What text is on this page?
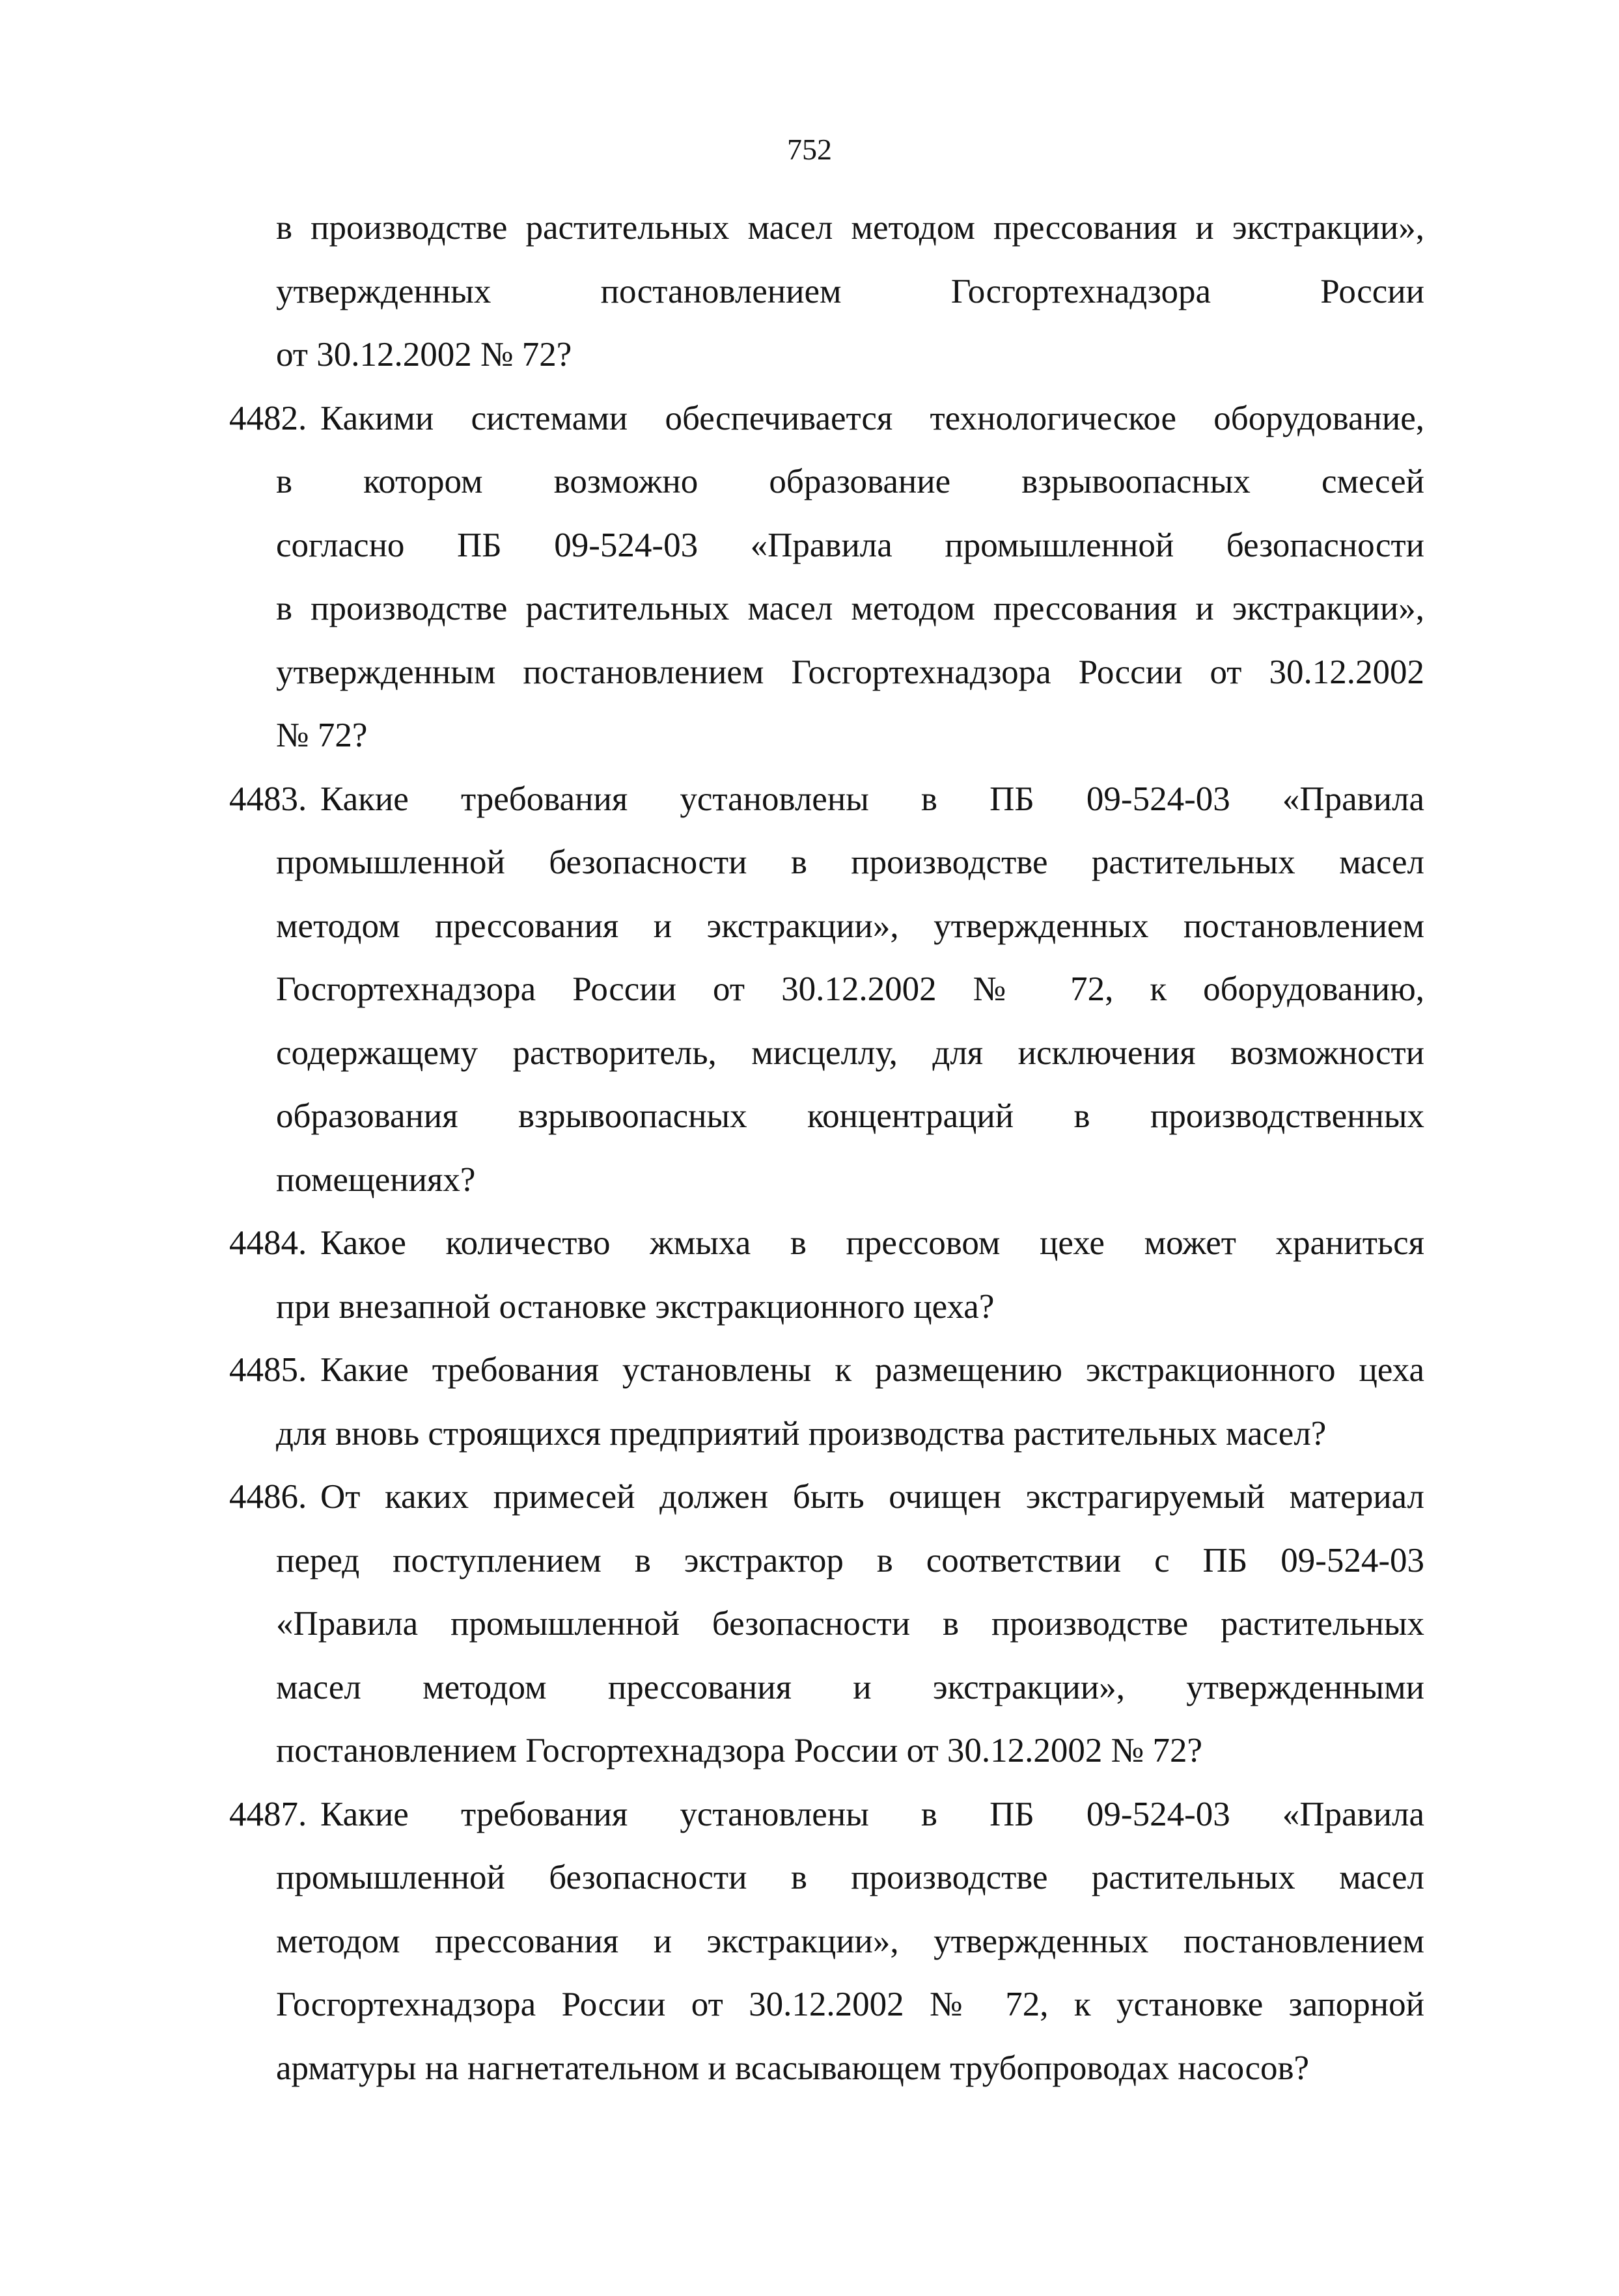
752
в производстве растительных масел методом прессования и экстракции»,
утвержденных постановлением Госгортехнадзора России
от 30.12.2002 № 72?
4482. Какими системами обеспечивается технологическое оборудование,
в котором возможно образование взрывоопасных смесей
согласно ПБ 09-524-03 «Правила промышленной безопасности
в производстве растительных масел методом прессования и экстракции»,
утвержденным постановлением Госгортехнадзора России от 30.12.2002
№ 72?
4483. Какие требования установлены в ПБ 09-524-03 «Правила
промышленной безопасности в производстве растительных масел
методом прессования и экстракции», утвержденных постановлением
Госгортехнадзора России от 30.12.2002 № 72, к оборудованию,
содержащему растворитель, мисцеллу, для исключения возможности
образования взрывоопасных концентраций в производственных
помещениях?
4484. Какое количество жмыха в прессовом цехе может храниться
при внезапной остановке экстракционного цеха?
4485. Какие требования установлены к размещению экстракционного цеха
для вновь строящихся предприятий производства растительных масел?
4486. От каких примесей должен быть очищен экстрагируемый материал
перед поступлением в экстрактор в соответствии с ПБ 09-524-03
«Правила промышленной безопасности в производстве растительных
масел методом прессования и экстракции», утвержденными
постановлением Госгортехнадзора России от 30.12.2002 № 72?
4487. Какие требования установлены в ПБ 09-524-03 «Правила
промышленной безопасности в производстве растительных масел
методом прессования и экстракции», утвержденных постановлением
Госгортехнадзора России от 30.12.2002 № 72, к установке запорной
арматуры на нагнетательном и всасывающем трубопроводах насосов?
